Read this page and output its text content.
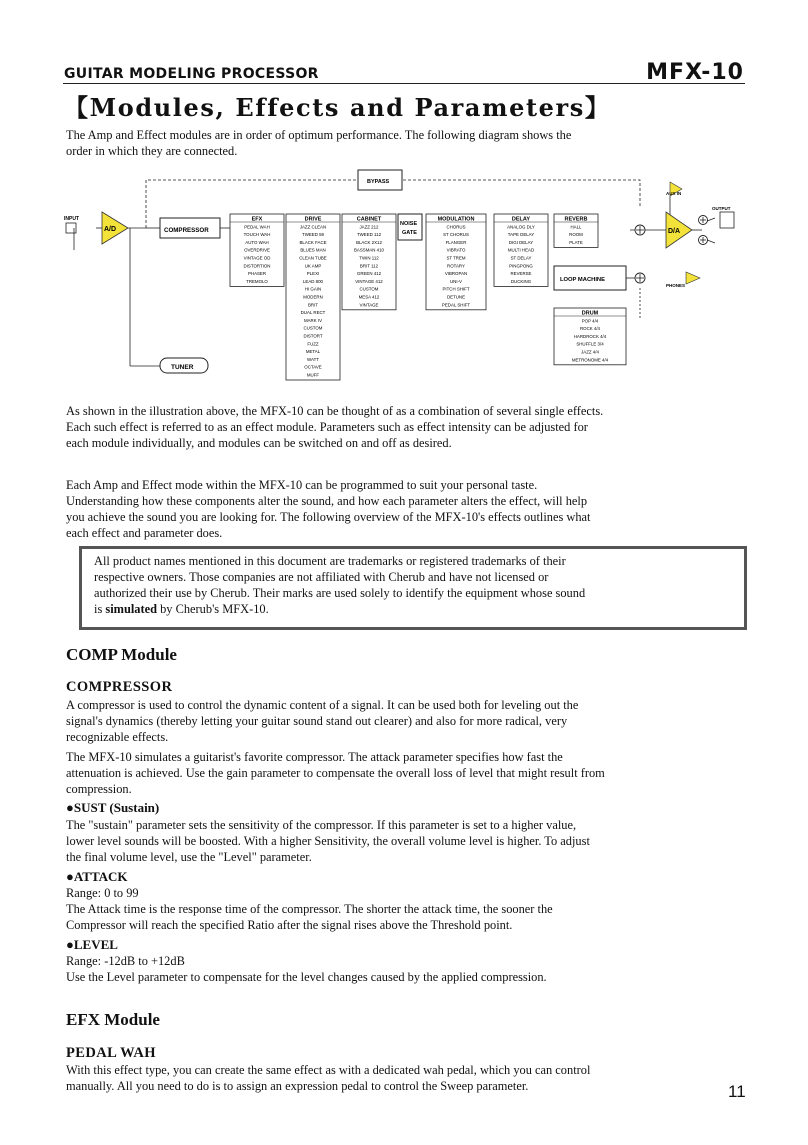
GUITAR MODELING PROCESSOR	MFX-10
【Modules, Effects and Parameters】
The Amp and Effect modules are in order of optimum performance. The following diagram shows the
order in which they are connected.
INPUT
A/D	COMPRESSOR
BYPASS
TUNER
EFX
PEDAL WAH
TOUCH WAH
AUTO WAH
OVERDRIVE
VINTAGE OD
DISTORTION
PHASER
TREMOLO
DRIVE
JAZZ CLEAN
TWEED 59
BLACK FACE
BLUES MAN
CLEAN TUBE
UK AMP
PLEXI
LEAD 800
HI GAIN
MODERN
BRIT
DUAL RECT
MARK IV
CUSTOM
DISTORT
FUZZ
METAL
WATT
OCTAVE
MUFF
CABINET
JAZZ 212
TWEED 112
BLACK 2X12
BASSMAN 410
TWIN 112
BRIT 112
GREEN 412
VINTAGE 412
CUSTOM
MESA 412
VINTAGE
MODULATION
CHORUS
ST CHORUS
FLANGER
VIBRATO
ST TREM
ROTARY
VIBROPAN
UNI-V
PITCH SHIFT
DETUNE
PEDAL SHIFT
DELAY
ANALOG DLY
TAPE DELAY
DIGI DELAY
MULTI HEAD
ST DELAY
PINGPONG
REVERSE
DUCKING
REVERB
HALL
ROOM
PLATE
DRUM
POP 4/4
ROCK 4/4
HARDROCK 4/4
SHUFFLE 3/4
JAZZ 4/4
METRONOME 4/4
NOISE
GATE
LOOP MACHINE
D/A
AUX IN
OUTPUT
PHONES
As shown in the illustration above, the MFX-10 can be thought of as a combination of several single effects.
Each such effect is referred to as an effect module. Parameters such as effect intensity can be adjusted for
each module individually, and modules can be switched on and off as desired.
Each Amp and Effect mode within the MFX-10 can be programmed to suit your personal taste.
Understanding how these components alter the sound, and how each parameter alters the effect, will help
you achieve the sound you are looking for. The following overview of the MFX-10's effects outlines what
each effect and parameter does.
All product names mentioned in this document are trademarks or registered trademarks of their
respective owners. Those companies are not affiliated with Cherub and have not licensed or
authorized their use by Cherub. Their marks are used solely to identify the equipment whose sound
is simulated by Cherub's MFX-10.
COMP Module
COMPRESSOR
A compressor is used to control the dynamic content of a signal. It can be used both for leveling out the
signal's dynamics (thereby letting your guitar sound stand out clearer) and also for more radical, very
recognizable effects.
The MFX-10 simulates a guitarist's favorite compressor. The attack parameter specifies how fast the
attenuation is achieved. Use the gain parameter to compensate the overall loss of level that might result from
compression.
●SUST (Sustain)
The "sustain" parameter sets the sensitivity of the compressor. If this parameter is set to a higher value,
lower level sounds will be boosted. With a higher Sensitivity, the overall volume level is higher. To adjust
the final volume level, use the "Level" parameter.
●ATTACK
Range: 0 to 99
The Attack time is the response time of the compressor. The shorter the attack time, the sooner the
Compressor will reach the specified Ratio after the signal rises above the Threshold point.
●LEVEL
Range: -12dB to +12dB
Use the Level parameter to compensate for the level changes caused by the applied compression.
EFX Module
PEDAL WAH
With this effect type, you can create the same effect as with a dedicated wah pedal, which you can control
manually. All you need to do is to assign an expression pedal to control the Sweep parameter.	11
